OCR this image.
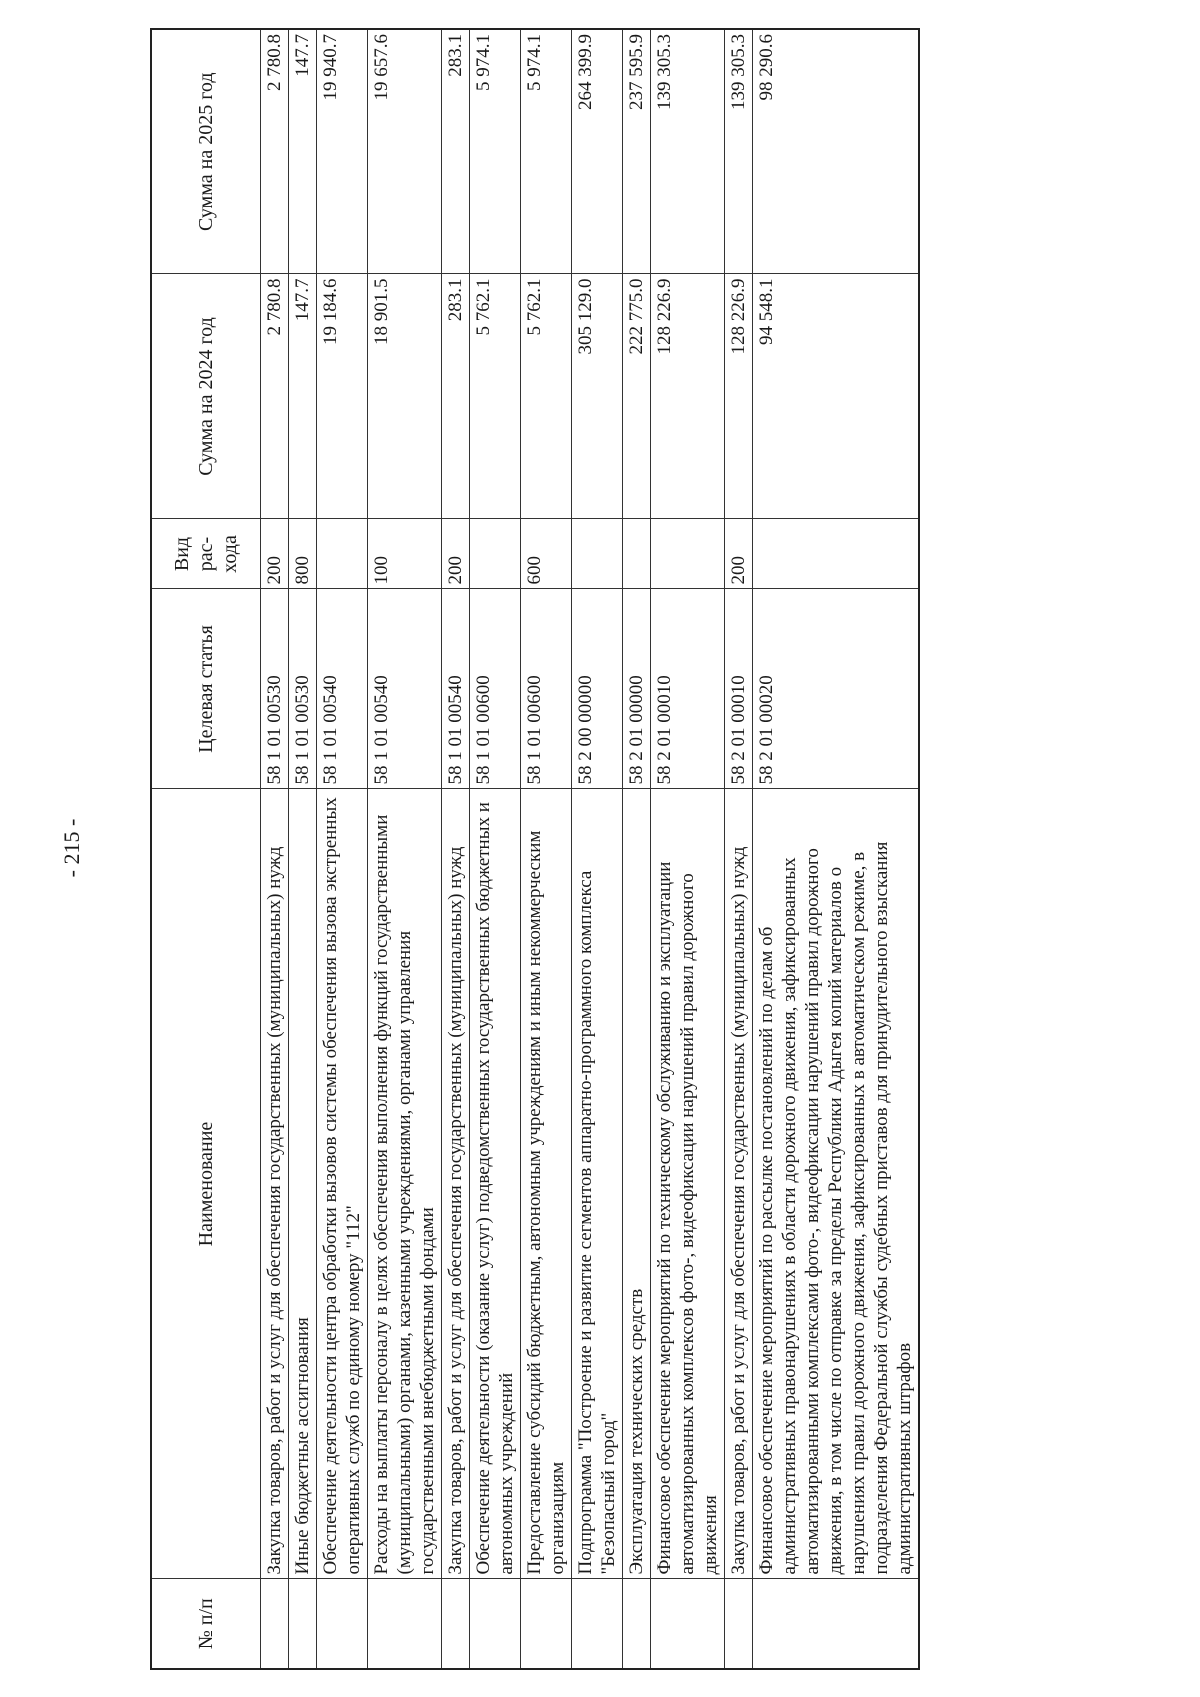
- 215 -
№ п/п	Наименование	Целевая статья	Вид рас- хода	Сумма на 2024 год	Сумма на 2025 год
	Закупка товаров, работ и услуг для обеспечения государственных (муниципальных) нужд	58 1 01 00530	200	2 780.8	2 780.8
	Иные бюджетные ассигнования	58 1 01 00530	800	147.7	147.7
	Обеспечение деятельности центра обработки вызовов системы обеспечения вызова экстренных оперативных служб по единому номеру "112"	58 1 01 00540		19 184.6	19 940.7
	Расходы на выплаты персоналу в целях обеспечения выполнения функций государственными (муниципальными) органами, казенными учреждениями, органами управления государственными внебюджетными фондами	58 1 01 00540	100	18 901.5	19 657.6
	Закупка товаров, работ и услуг для обеспечения государственных (муниципальных) нужд	58 1 01 00540	200	283.1	283.1
	Обеспечение деятельности (оказание услуг) подведомственных государственных бюджетных и автономных учреждений	58 1 01 00600		5 762.1	5 974.1
	Предоставление субсидий бюджетным, автономным учреждениям и иным некоммерческим организациям	58 1 01 00600	600	5 762.1	5 974.1
	Подпрограмма "Построение и развитие сегментов аппаратно-программного комплекса "Безопасный город"	58 2 00 00000		305 129.0	264 399.9
	Эксплуатация технических средств	58 2 01 00000		222 775.0	237 595.9
	Финансовое обеспечение мероприятий по техническому обслуживанию и эксплуатации автоматизированных комплексов фото-, видеофиксации нарушений правил дорожного движения	58 2 01 00010		128 226.9	139 305.3
	Закупка товаров, работ и услуг для обеспечения государственных (муниципальных) нужд	58 2 01 00010	200	128 226.9	139 305.3
	Финансовое обеспечение мероприятий по рассылке постановлений по делам об административных правонарушениях в области дорожного движения, зафиксированных автоматизированными комплексами фото-, видеофиксации нарушений правил дорожного движения, в том числе по отправке за пределы Республики Адыгея копий материалов о нарушениях правил дорожного движения, зафиксированных в автоматическом режиме, в подразделения Федеральной службы судебных приставов для принудительного взыскания административных штрафов	58 2 01 00020		94 548.1	98 290.6
